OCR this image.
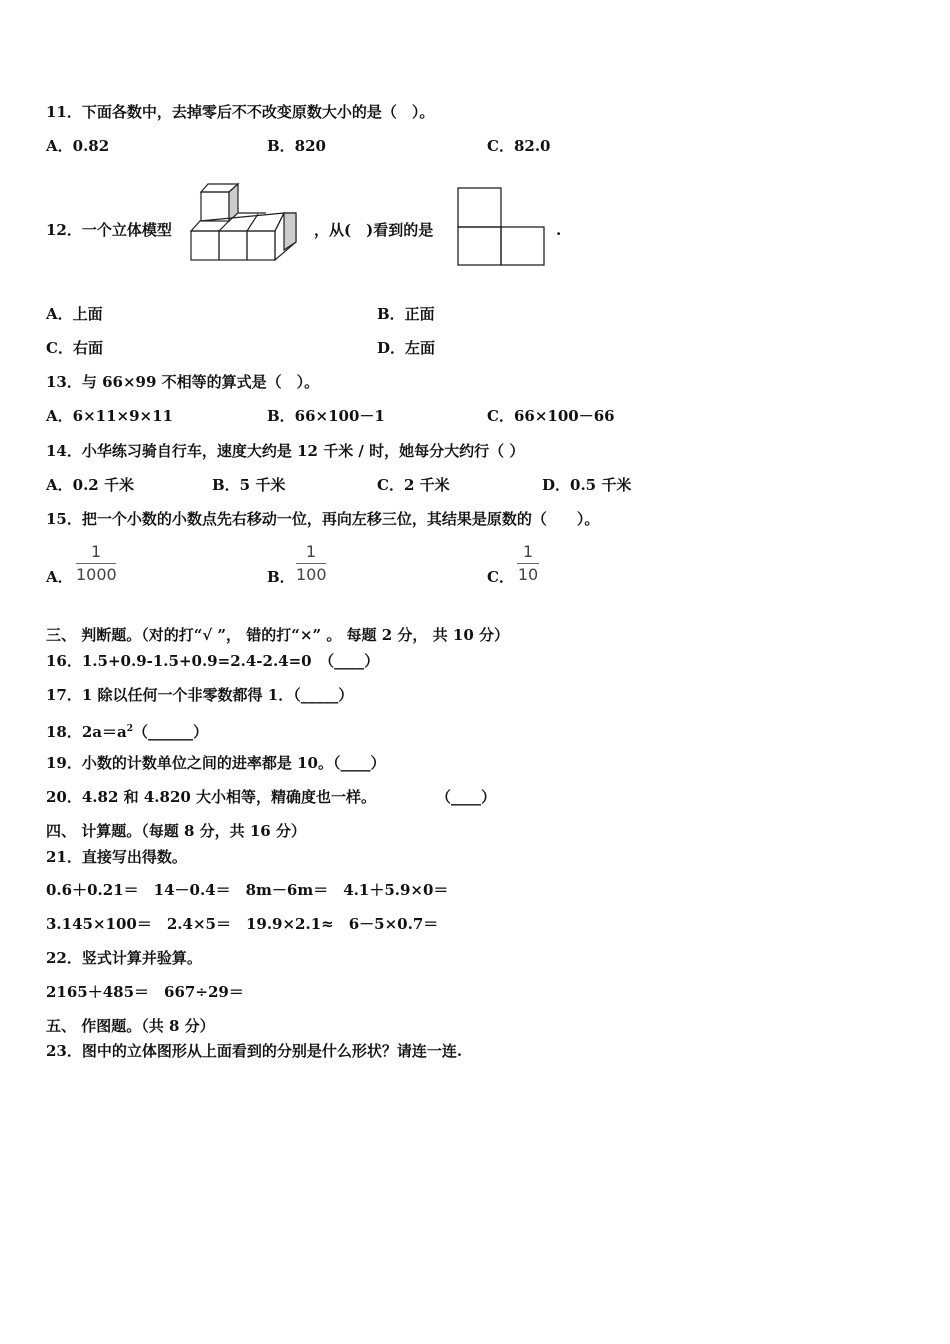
11．下面各数中，去掉零后不不改变原数大小的是（　）。
A．0.82	B．820	C．82.0
12．一个立体模型	，从(　)看到的是	.
A．上面	B．正面
C．右面	D．左面
13．与 66×99 不相等的算式是（　）。
A．6×11×9×11	B．66×100－1	C．66×100－66
14．小华练习骑自行车，速度大约是 12 千米 / 时，她每分大约行（ ）
A．0.2 千米	B．5 千米	C．2 千米	D．0.5 千米
15．把一个小数的小数点先右移动一位，再向左移三位，其结果是原数的（　　）。
A．
1
1000	B．
1
100	C．
1
10
三、 判断题。（对的打“√ ”， 错的打“×” 。 每题 2 分， 共 10 分）
16．1.5+0.9-1.5+0.9=2.4-2.4=0　（____）
17．1 除以任何一个非零数都得 1．（_____）
18．$2a=a^2(\_\_\_\_\_\_)$
19．小数的计数单位之间的进率都是 10。（____）
20．4.82 和 4.820 大小相等，精确度也一样。　　　　　（____）
四、 计算题。（每题 8 分，共 16 分）
21．直接写出得数。
0.6＋0.21＝　14－0.4＝　8m－6m＝　4.1＋5.9×0＝
3.145×100＝　2.4×5＝　19.9×2.1≈　6－5×0.7＝
22．竖式计算并验算。
2165＋485＝　667÷29＝
五、 作图题。（共 8 分）
23．图中的立体图形从上面看到的分别是什么形状？请连一连.
